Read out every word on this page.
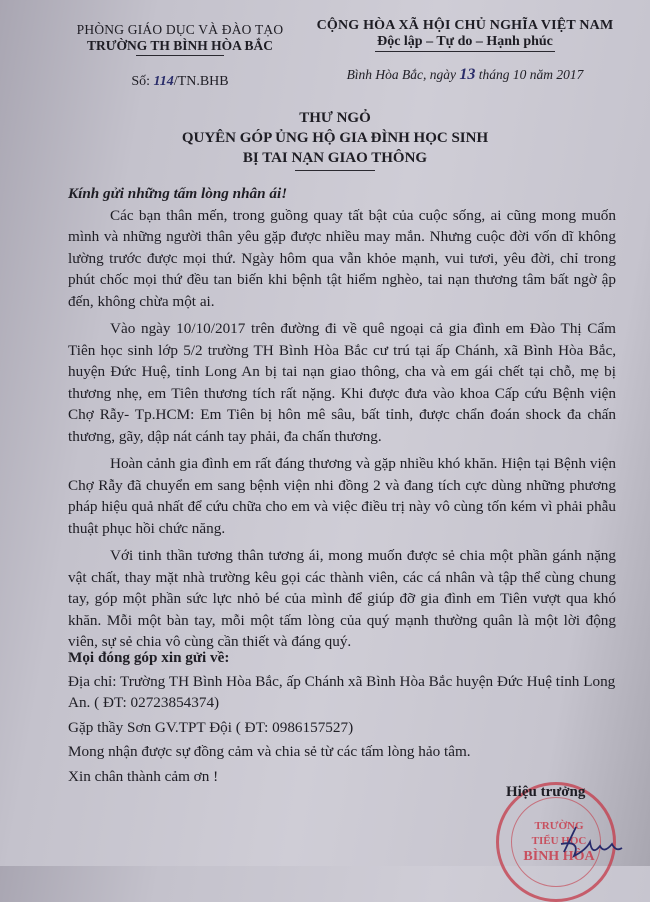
PHÒNG GIÁO DỤC VÀ ĐÀO TẠO
TRƯỜNG TH BÌNH HÒA BẮC
Số: 114/TN.BHB
CỘNG HÒA XÃ HỘI CHỦ NGHĨA VIỆT NAM
Độc lập – Tự do – Hạnh phúc
Bình Hòa Bắc, ngày 13 tháng 10 năm 2017
THƯ NGỎ
QUYÊN GÓP ỦNG HỘ GIA ĐÌNH HỌC SINH
BỊ TAI NẠN GIAO THÔNG
Kính gửi những tấm lòng nhân ái!

Các bạn thân mến, trong guồng quay tất bật của cuộc sống, ai cũng mong muốn mình và những người thân yêu gặp được nhiều may mắn. Nhưng cuộc đời vốn dĩ không lường trước được mọi thứ. Ngày hôm qua vẫn khỏe mạnh, vui tươi, yêu đời, chỉ trong phút chốc mọi thứ đều tan biến khi bệnh tật hiểm nghèo, tai nạn thương tâm bất ngờ ập đến, không chừa một ai.

Vào ngày 10/10/2017 trên đường đi về quê ngoại cả gia đình em Đào Thị Cẩm Tiên học sinh lớp 5/2 trường TH Bình Hòa Bắc cư trú tại ấp Chánh, xã Bình Hòa Bắc, huyện Đức Huệ, tỉnh Long An bị tai nạn giao thông, cha và em gái chết tại chỗ, mẹ bị thương nhẹ, em Tiên thương tích rất nặng. Khi được đưa vào khoa Cấp cứu Bệnh viện Chợ Rẫy- Tp.HCM: Em Tiên bị hôn mê sâu, bất tỉnh, được chẩn đoán shock đa chấn thương, gãy, dập nát cánh tay phải, đa chấn thương.

Hoàn cảnh gia đình em rất đáng thương và gặp nhiều khó khăn. Hiện tại Bệnh viện Chợ Rẫy đã chuyển em sang bệnh viện nhi đồng 2 và đang tích cực dùng những phương pháp hiệu quả nhất để cứu chữa cho em và việc điều trị này vô cùng tốn kém vì phải phẫu thuật phục hồi chức năng.

Với tinh thần tương thân tương ái, mong muốn được sẻ chia một phần gánh nặng vật chất, thay mặt nhà trường kêu gọi các thành viên, các cá nhân và tập thể cùng chung tay, góp một phần sức lực nhỏ bé của mình để giúp đỡ gia đình em Tiên vượt qua khó khăn. Mỗi một bàn tay, mỗi một tấm lòng của quý mạnh thường quân là một lời động viên, sự sẻ chia vô cùng cần thiết và đáng quý.

Mọi đóng góp xin gửi về:

Địa chỉ: Trường TH Bình Hòa Bắc, ấp Chánh xã Bình Hòa Bắc huyện Đức Huệ tỉnh Long An. ( ĐT: 02723854374)

Gặp thầy Sơn GV.TPT Đội ( ĐT: 0986157527)

Mong nhận được sự đồng cảm và chia sẻ từ các tấm lòng hảo tâm.

Xin chân thành cảm ơn !

TRƯỜNG
TIỂU HỌC
BÌNH HÒA
Hiệu trưởng
